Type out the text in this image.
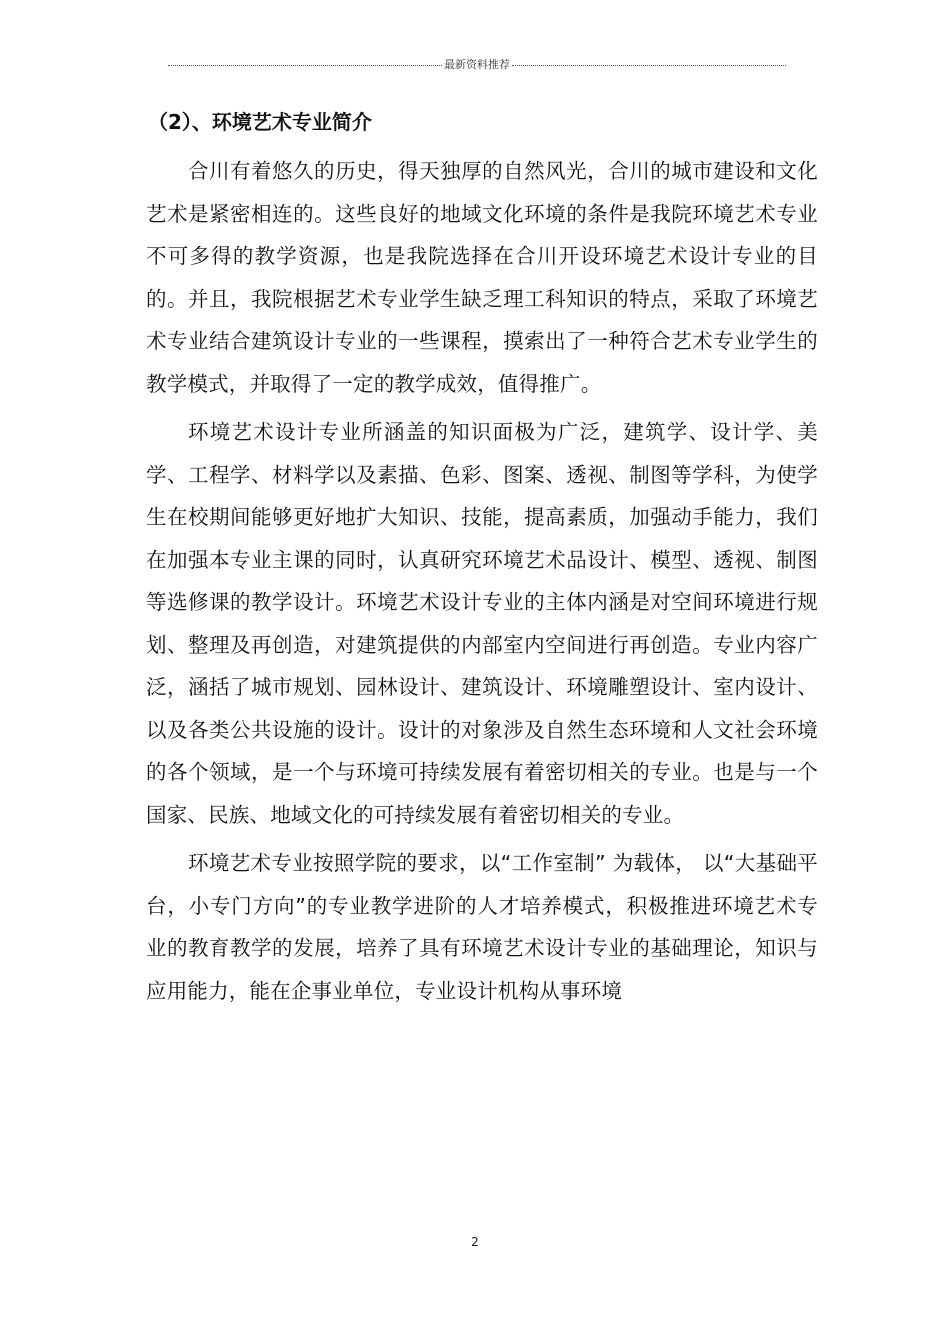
最新资料推荐
（2）、环境艺术专业简介

合川有着悠久的历史，得天独厚的自然风光，合川的城市建设和文化艺术是紧密相连的。这些良好的地域文化环境的条件是我院环境艺术专业不可多得的教学资源，也是我院选择在合川开设环境艺术设计专业的目的。并且，我院根据艺术专业学生缺乏理工科知识的特点，采取了环境艺术专业结合建筑设计专业的一些课程，摸索出了一种符合艺术专业学生的教学模式，并取得了一定的教学成效，值得推广。

环境艺术设计专业所涵盖的知识面极为广泛，建筑学、设计学、美学、工程学、材料学以及素描、色彩、图案、透视、制图等学科，为使学生在校期间能够更好地扩大知识、技能，提高素质，加强动手能力，我们在加强本专业主课的同时，认真研究环境艺术品设计、模型、透视、制图等选修课的教学设计。环境艺术设计专业的主体内涵是对空间环境进行规划、整理及再创造，对建筑提供的内部室内空间进行再创造。专业内容广泛，涵括了城市规划、园林设计、建筑设计、环境雕塑设计、室内设计、以及各类公共设施的设计。设计的对象涉及自然生态环境和人文社会环境的各个领域，是一个与环境可持续发展有着密切相关的专业。也是与一个国家、民族、地域文化的可持续发展有着密切相关的专业。

环境艺术专业按照学院的要求，以“工作室制” 为载体， 以“大基础平台，小专门方向”的专业教学进阶的人才培养模式，积极推进环境艺术专业的教育教学的发展，培养了具有环境艺术设计专业的基础理论，知识与应用能力，能在企事业单位，专业设计机构从事环境

2
